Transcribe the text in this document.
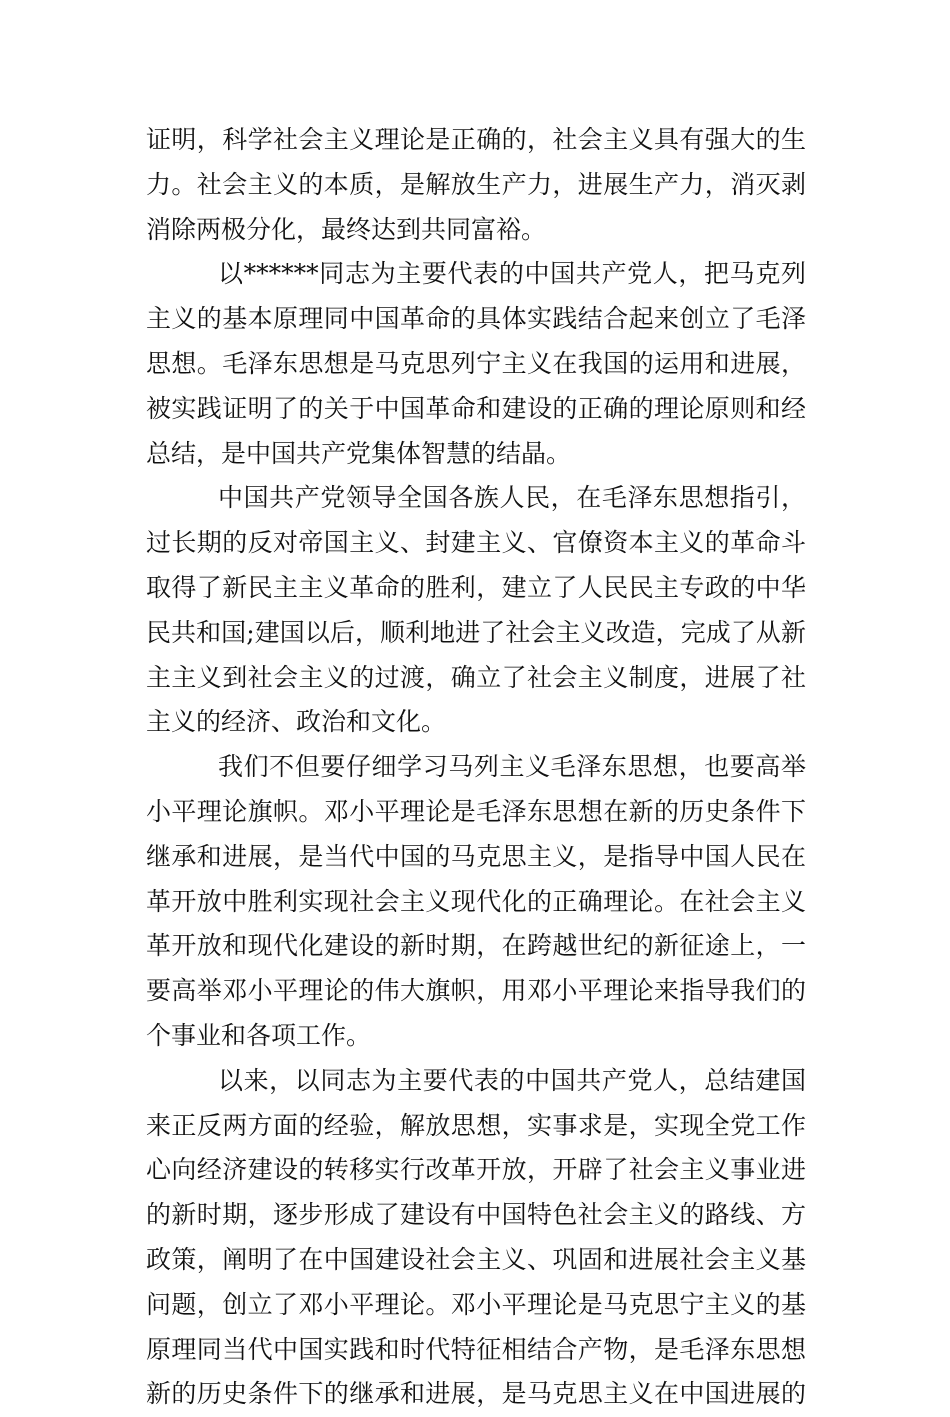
证明，科学社会主义理论是正确的，社会主义具有强大的生
力。社会主义的本质，是解放生产力，进展生产力，消灭剥
消除两极分化，最终达到共同富裕。
以******同志为主要代表的中国共产党人，把马克列
主义的基本原理同中国革命的具体实践结合起来创立了毛泽
思想。毛泽东思想是马克思列宁主义在我国的运用和进展，
被实践证明了的关于中国革命和建设的正确的理论原则和经
总结，是中国共产党集体智慧的结晶。
中国共产党领导全国各族人民，在毛泽东思想指引，
过长期的反对帝国主义、封建主义、官僚资本主义的革命斗
取得了新民主主义革命的胜利，建立了人民民主专政的中华
民共和国;建国以后，顺利地进了社会主义改造，完成了从新
主主义到社会主义的过渡，确立了社会主义制度，进展了社
主义的经济、政治和文化。
我们不但要仔细学习马列主义毛泽东思想，也要高举
小平理论旗帜。邓小平理论是毛泽东思想在新的历史条件下
继承和进展，是当代中国的马克思主义，是指导中国人民在
革开放中胜利实现社会主义现代化的正确理论。在社会主义
革开放和现代化建设的新时期，在跨越世纪的新征途上，一
要高举邓小平理论的伟大旗帜，用邓小平理论来指导我们的
个事业和各项工作。
以来，以同志为主要代表的中国共产党人，总结建国
来正反两方面的经验，解放思想，实事求是，实现全党工作
心向经济建设的转移实行改革开放，开辟了社会主义事业进
的新时期，逐步形成了建设有中国特色社会主义的路线、方
政策，阐明了在中国建设社会主义、巩固和进展社会主义基
问题，创立了邓小平理论。邓小平理论是马克思宁主义的基
原理同当代中国实践和时代特征相结合产物，是毛泽东思想
新的历史条件下的继承和进展，是马克思主义在中国进展的
